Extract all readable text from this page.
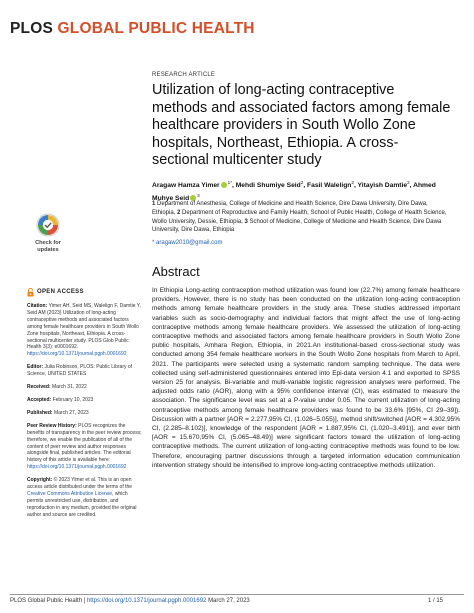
PLOS GLOBAL PUBLIC HEALTH
Check for updates
RESEARCH ARTICLE
Utilization of long-acting contraceptive methods and associated factors among female healthcare providers in South Wollo Zone hospitals, Northeast, Ethiopia. A cross-sectional multicenter study
Aragaw Hamza Yimer $^{1*}$, Mehdi Shumiye Seid$^2$, Fasil Walelign$^2$, Yitayish Damtie$^2$, Ahmed Muhye Seid $^3$
1 Department of Anesthesia, College of Medicine and Health Science, Dire Dawa University, Dire Dawa, Ethiopia, 2 Department of Reproductive and Family Health, School of Public Health, College of Health Science, Wollo University, Dessie, Ethiopia, 3 School of Medicine, College of Medicine and Health Science, Dire Dawa University, Dire Dawa, Ethiopia
* aragaw2010@gmail.com
Abstract

In Ethiopia Long-acting contraception method utilization was found low (22.7%) among female healthcare providers. However, there is no study has been conducted on the utilization long-acting contraception methods among female healthcare providers in the study area. These studies addressed important variables such as socio-demography and individual factors that might affect the use of long-acting contraceptive methods among female healthcare providers. We assessed the utilization of long-acting contraceptive methods and associated factors among female healthcare providers in South Wollo Zone public hospitals, Amhara Region, Ethiopia, in 2021.An institutional-based cross-sectional study was conducted among 354 female healthcare workers in the South Wollo Zone hospitals from March to April, 2021. The participants were selected using a systematic random sampling technique. The data were collected using self-administered questionnaires entered into Epi-data version 4.1 and exported to SPSS version 25 for analysis. Bi-variable and multi-variable logistic regression analyses were performed. The adjusted odds ratio (AOR), along with a 95% confidence interval (CI), was estimated to measure the association. The significance level was set at a P-value under 0.05. The current utilization of long-acting contraceptive methods among female healthcare providers was found to be 33.6% [95%, CI 29–39]). Discussion with a partner [AOR = 2.277,95% CI, (1.026–5.055)], method shift/switched [AOR = 4.302,95% CI, (2.285–8.102)], knowledge of the respondent [AOR = 1.887,95% CI, (1.020–3.491)], and ever birth [AOR = 15.670,95% CI, (5.065–48.49)] were significant factors toward the utilization of long-acting contraceptive methods. The current utilization of long-acting contraceptive methods was found to be low. Therefore, encouraging partner discussions through a targeted information education communication intervention strategy should be intensified to improve long-acting contraceptive methods utilization.

OPEN ACCESS
Citation: Yimer AH, Seid MS, Walelign F, Damtie Y, Seid AM (2023) Utilization of long-acting contraceptive methods and associated factors among female healthcare providers in South Wollo Zone hospitals, Northeast, Ethiopia. A cross-sectional multicenter study. PLOS Glob Public Health 3(3): e0001692. https://doi.org/10.1371/journal.pgph.0001692
Editor: Julia Robinson, PLOS: Public Library of Science, UNITED STATES
Received: March 31, 2022
Accepted: February 10, 2023
Published: March 27, 2023
Peer Review History: PLOS recognizes the benefits of transparency in the peer review process; therefore, we enable the publication of all of the content of peer review and author responses alongside final, published articles. The editorial history of this article is available here: https://doi.org/10.1371/journal.pgph.0001692
Copyright: © 2023 Yimer et al. This is an open access article distributed under the terms of the Creative Commons Attribution License, which permits unrestricted use, distribution, and reproduction in any medium, provided the original author and source are credited.
PLOS Global Public Health | https://doi.org/10.1371/journal.pgph.0001692 March 27, 2023	1 / 15
